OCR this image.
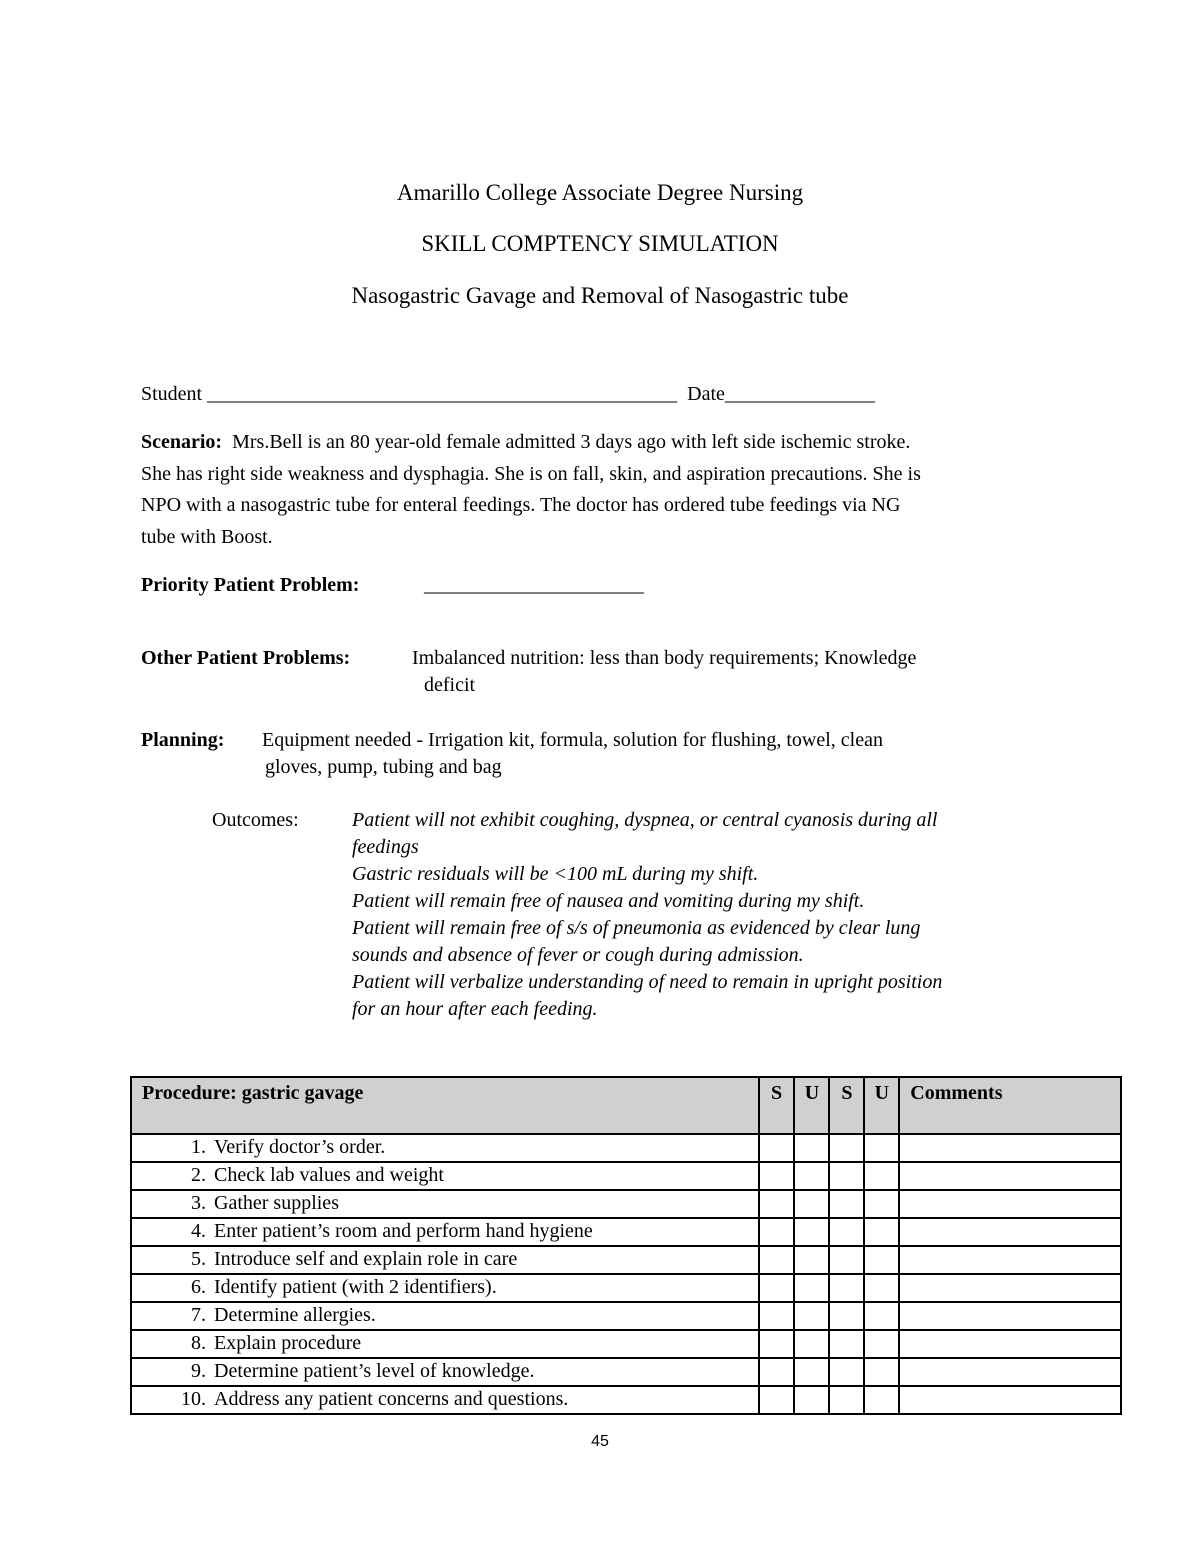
Amarillo College Associate Degree Nursing
SKILL COMPTENCY SIMULATION
Nasogastric Gavage and Removal of Nasogastric tube
Student _______________________________________________ Date_______________
Scenario: Mrs.Bell is an 80 year-old female admitted 3 days ago with left side ischemic stroke.
She has right side weakness and dysphagia. She is on fall, skin, and aspiration precautions. She is
NPO with a nasogastric tube for enteral feedings. The doctor has ordered tube feedings via NG
tube with Boost.
Priority Patient Problem:	______________________
Other Patient Problems:	Imbalanced nutrition: less than body requirements; Knowledge
deficit
Planning: Equipment needed - Irrigation kit, formula, solution for flushing, towel, clean
gloves, pump, tubing and bag
Outcomes:	Patient will not exhibit coughing, dyspnea, or central cyanosis during all
feedings
Gastric residuals will be <100 mL during my shift.
Patient will remain free of nausea and vomiting during my shift.
Patient will remain free of s/s of pneumonia as evidenced by clear lung
sounds and absence of fever or cough during admission.
Patient will verbalize understanding of need to remain in upright position
for an hour after each feeding.
Procedure: gastric gavage	S	U	S	U	Comments
1. Verify doctor’s order.					
2. Check lab values and weight					
3. Gather supplies					
4. Enter patient’s room and perform hand hygiene					
5. Introduce self and explain role in care					
6. Identify patient (with 2 identifiers).					
7. Determine allergies.					
8. Explain procedure					
9. Determine patient’s level of knowledge.					
10. Address any patient concerns and questions.					
45
